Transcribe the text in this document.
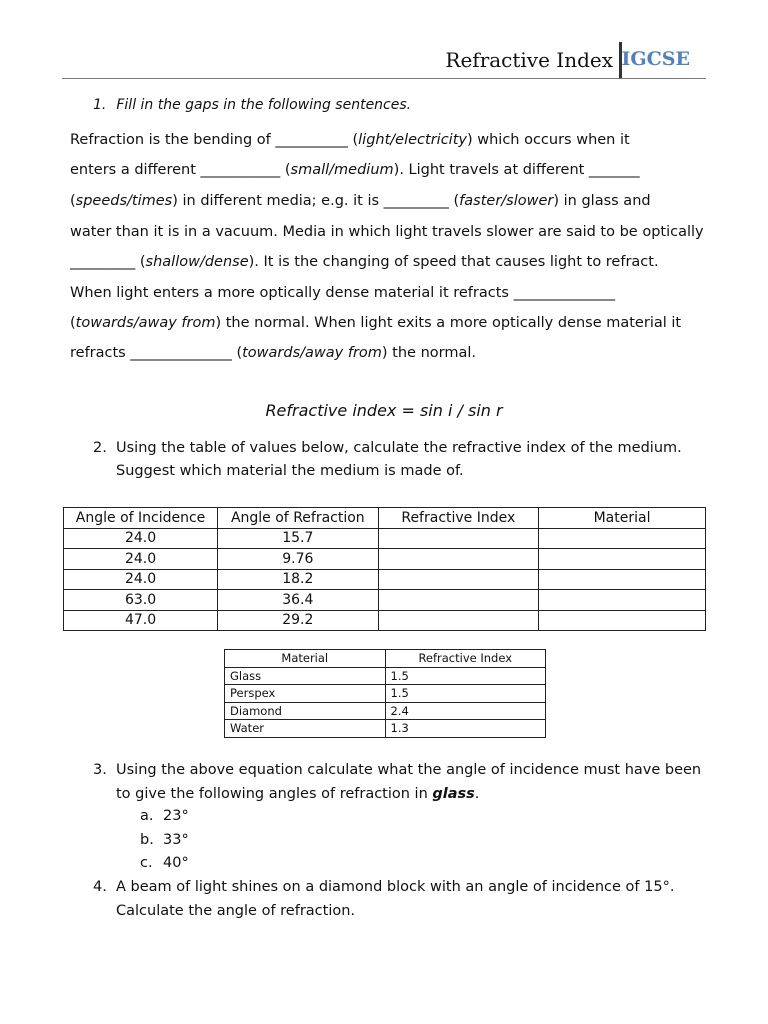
Refractive Index IGCSE
1. Fill in the gaps in the following sentences.
Refraction is the bending of __________ (light/electricity) which occurs when it
enters a different ___________ (small/medium). Light travels at different _______
(speeds/times) in different media; e.g. it is _________ (faster/slower) in glass and
water than it is in a vacuum. Media in which light travels slower are said to be optically
_________ (shallow/dense). It is the changing of speed that causes light to refract.
When light enters a more optically dense material it refracts ______________
(towards/away from) the normal. When light exits a more optically dense material it
refracts ______________ (towards/away from) the normal.
Refractive index = sin i / sin r
2. Using the table of values below, calculate the refractive index of the medium.
Suggest which material the medium is made of.
Angle of Incidence	Angle of Refraction	Refractive Index	Material
24.0	15.7		
24.0	9.76		
24.0	18.2		
63.0	36.4		
47.0	29.2		
Material	Refractive Index
Glass	1.5
Perspex	1.5
Diamond	2.4
Water	1.3
3. Using the above equation calculate what the angle of incidence must have been
to give the following angles of refraction in glass.
a. 23°
b. 33°
c. 40°
4. A beam of light shines on a diamond block with an angle of incidence of 15°.
Calculate the angle of refraction.
